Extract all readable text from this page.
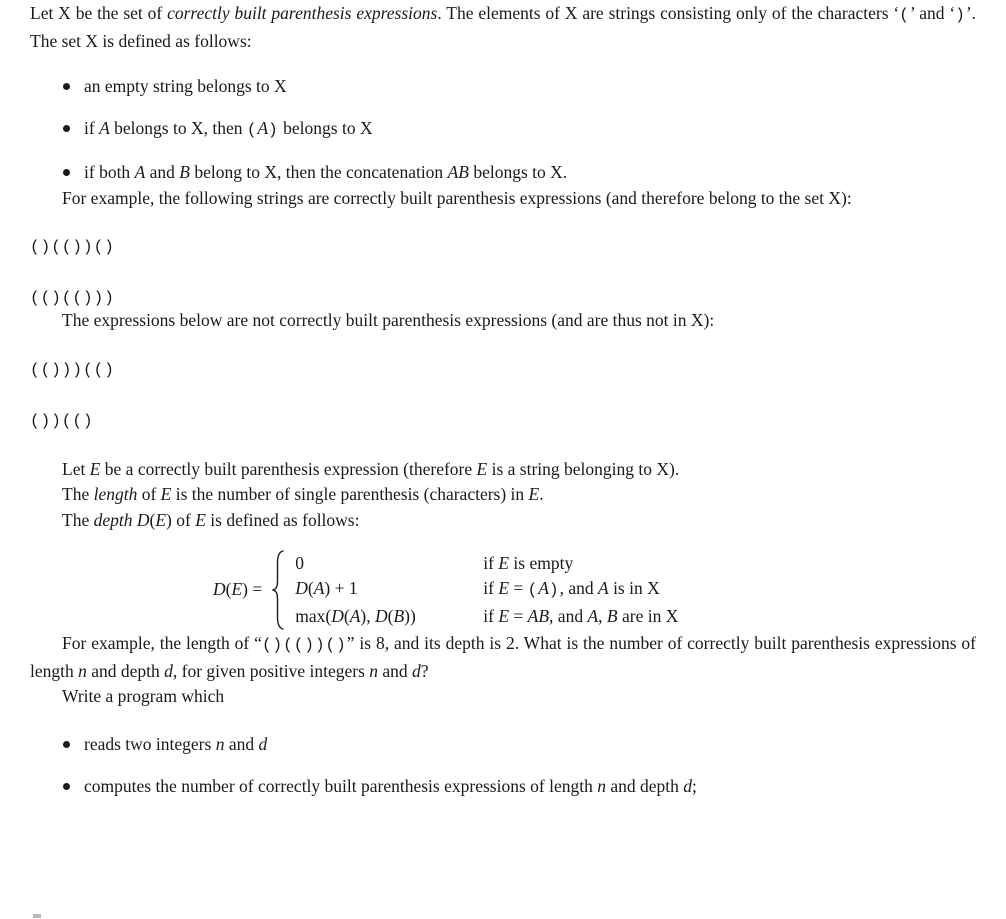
Let X be the set of correctly built parenthesis expressions. The elements of X are strings consisting only of the characters ‘(’ and ‘)’. The set X is defined as follows:

an empty string belongs to X
if A belongs to X, then (A) belongs to X
if both A and B belong to X, then the concatenation AB belongs to X.

For example, the following strings are correctly built parenthesis expressions (and therefore belong to the set X):

()(())()
(()(()))

The expressions below are not correctly built parenthesis expressions (and are thus not in X):

(()))(()
())(()
Let E be a correctly built parenthesis expression (therefore E is a string belonging to X).
The length of E is the number of single parenthesis (characters) in E.
The depth D(E) of E is defined as follows:
D(E) =
0	if E is empty
D(A) + 1	if E = (A), and A is in X
max(D(A), D(B))	if E = AB, and A, B are in X

For example, the length of “()(())()” is 8, and its depth is 2. What is the number of correctly built parenthesis expressions of length n and depth d, for given positive integers n and d?

Write a program which

reads two integers n and d
computes the number of correctly built parenthesis expressions of length n and depth d;
